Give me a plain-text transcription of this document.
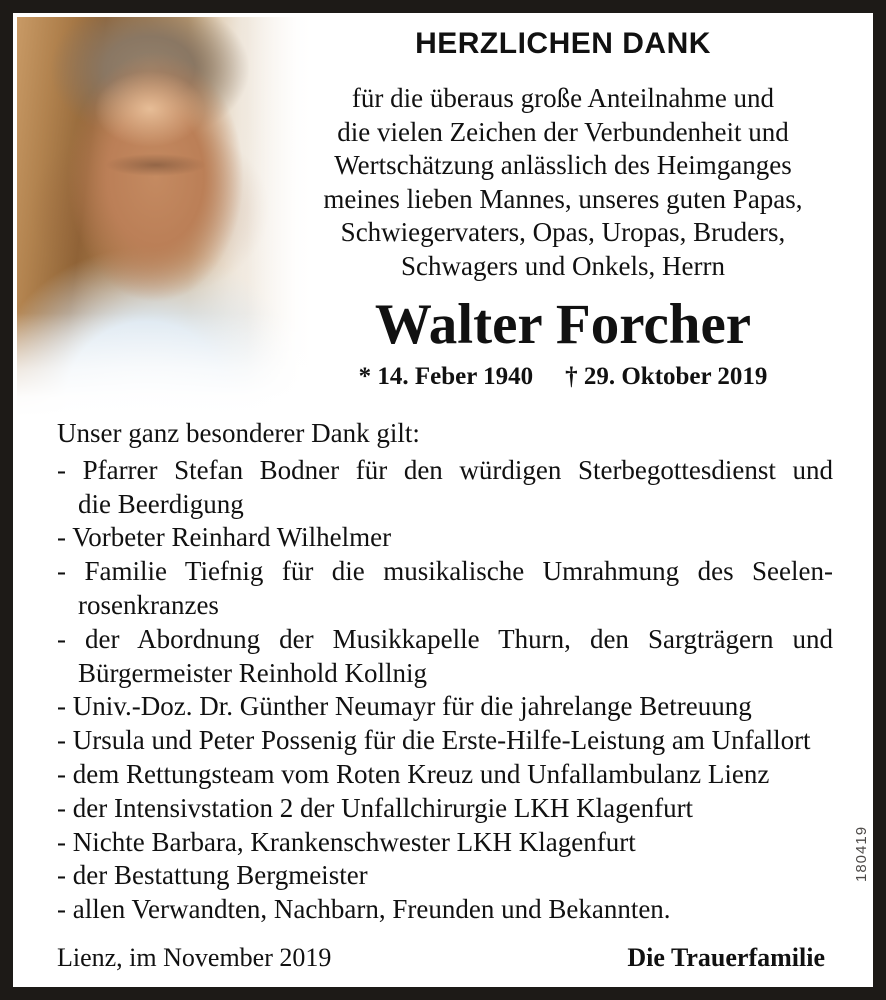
HERZLICHEN DANK
für die überaus große Anteilnahme und
die vielen Zeichen der Verbundenheit und
Wertschätzung anlässlich des Heimganges
meines lieben Mannes, unseres guten Papas,
Schwiegervaters, Opas, Uropas, Bruders,
Schwagers und Onkels, Herrn
Walter Forcher
* 14. Feber 1940 † 29. Oktober 2019
Unser ganz besonderer Dank gilt:
- Pfarrer Stefan Bodner für den würdigen Sterbegottesdienst und
die Beerdigung
- Vorbeter Reinhard Wilhelmer
- Familie Tiefnig für die musikalische Umrahmung des Seelen-
rosenkranzes
- der Abordnung der Musikkapelle Thurn, den Sargträgern und
Bürgermeister Reinhold Kollnig
- Univ.-Doz. Dr. Günther Neumayr für die jahrelange Betreuung
- Ursula und Peter Possenig für die Erste-Hilfe-Leistung am Unfallort
- dem Rettungsteam vom Roten Kreuz und Unfallambulanz Lienz
- der Intensivstation 2 der Unfallchirurgie LKH Klagenfurt
- Nichte Barbara, Krankenschwester LKH Klagenfurt
- der Bestattung Bergmeister
- allen Verwandten, Nachbarn, Freunden und Bekannten.
Lienz, im November 2019	Die Trauerfamilie
180419
